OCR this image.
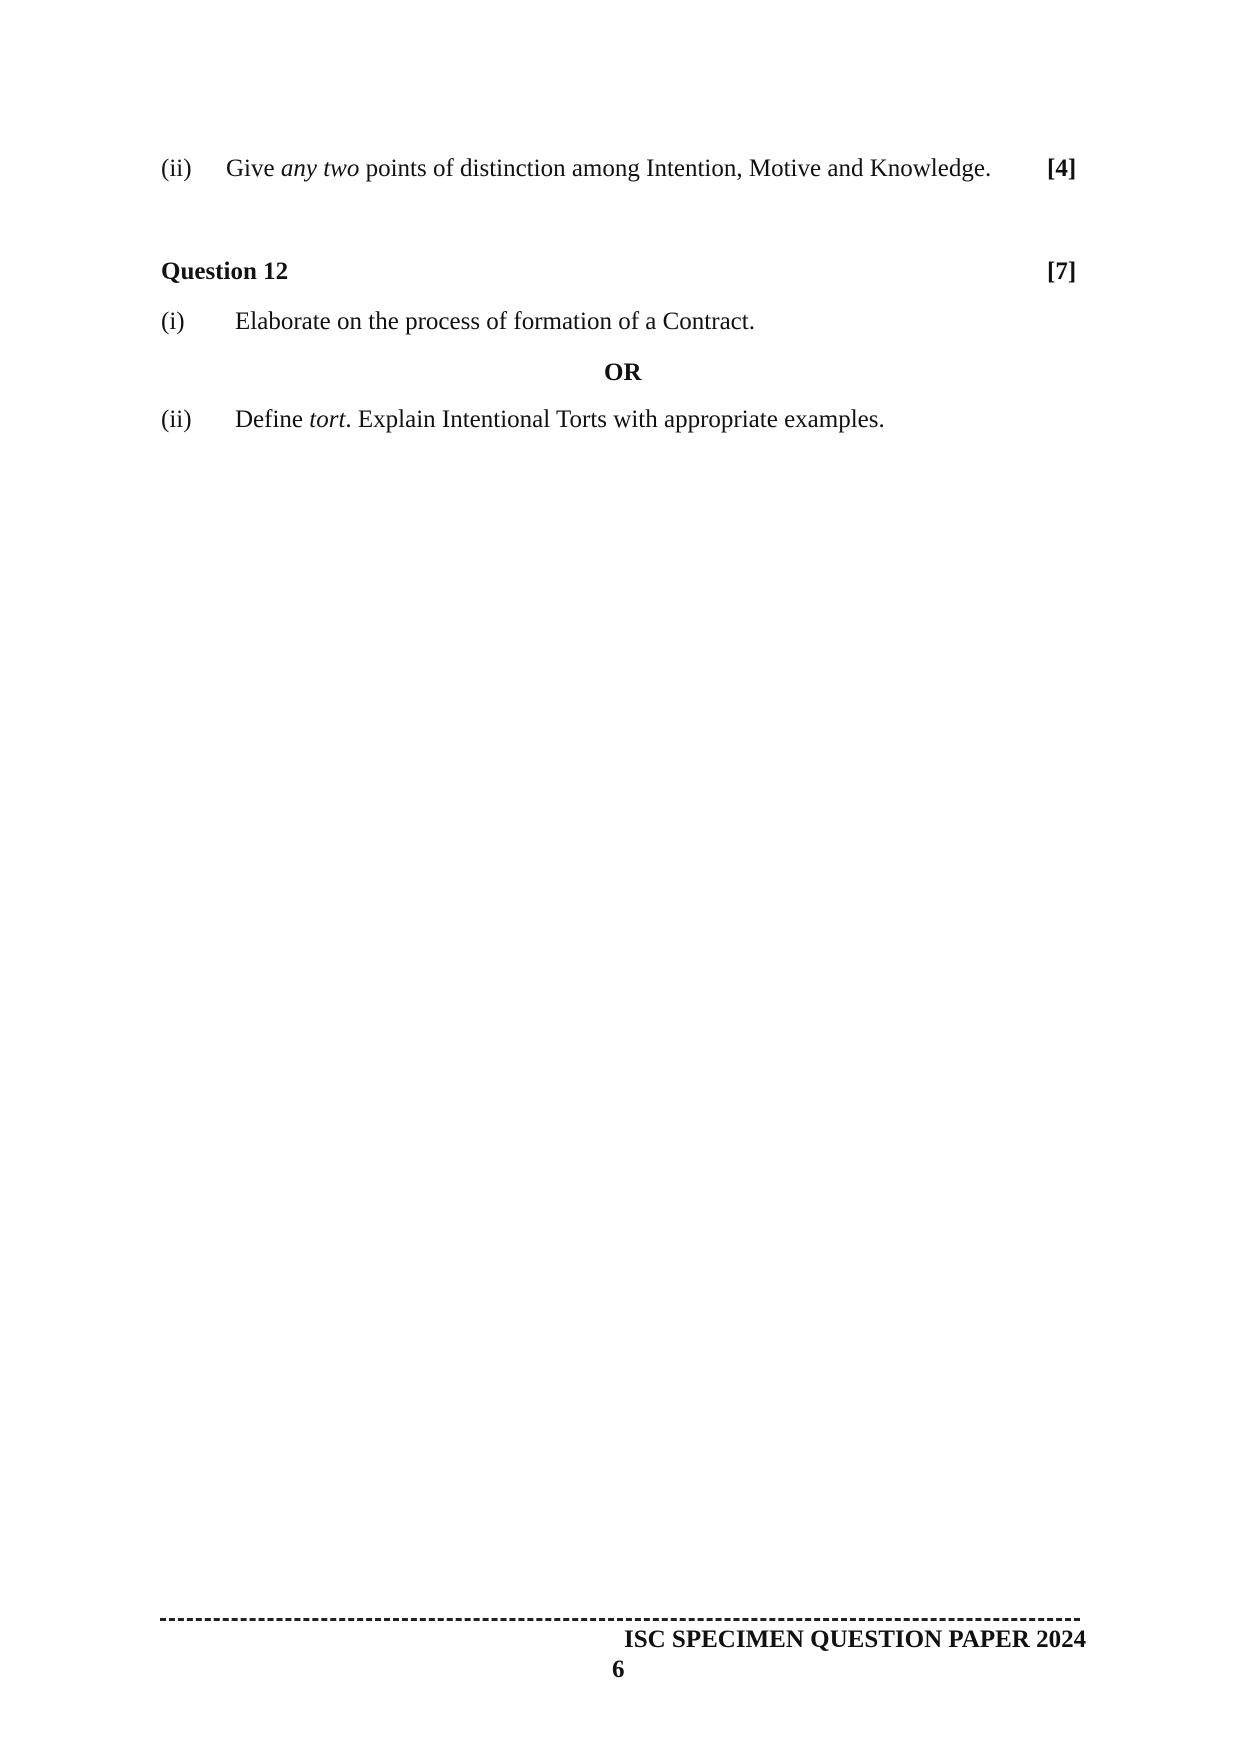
(ii) Give any two points of distinction among Intention, Motive and Knowledge. [4]
Question 12	[7]
(i) Elaborate on the process of formation of a Contract.
OR
(ii) Define tort. Explain Intentional Torts with appropriate examples.
ISC SPECIMEN QUESTION PAPER 2024
6
